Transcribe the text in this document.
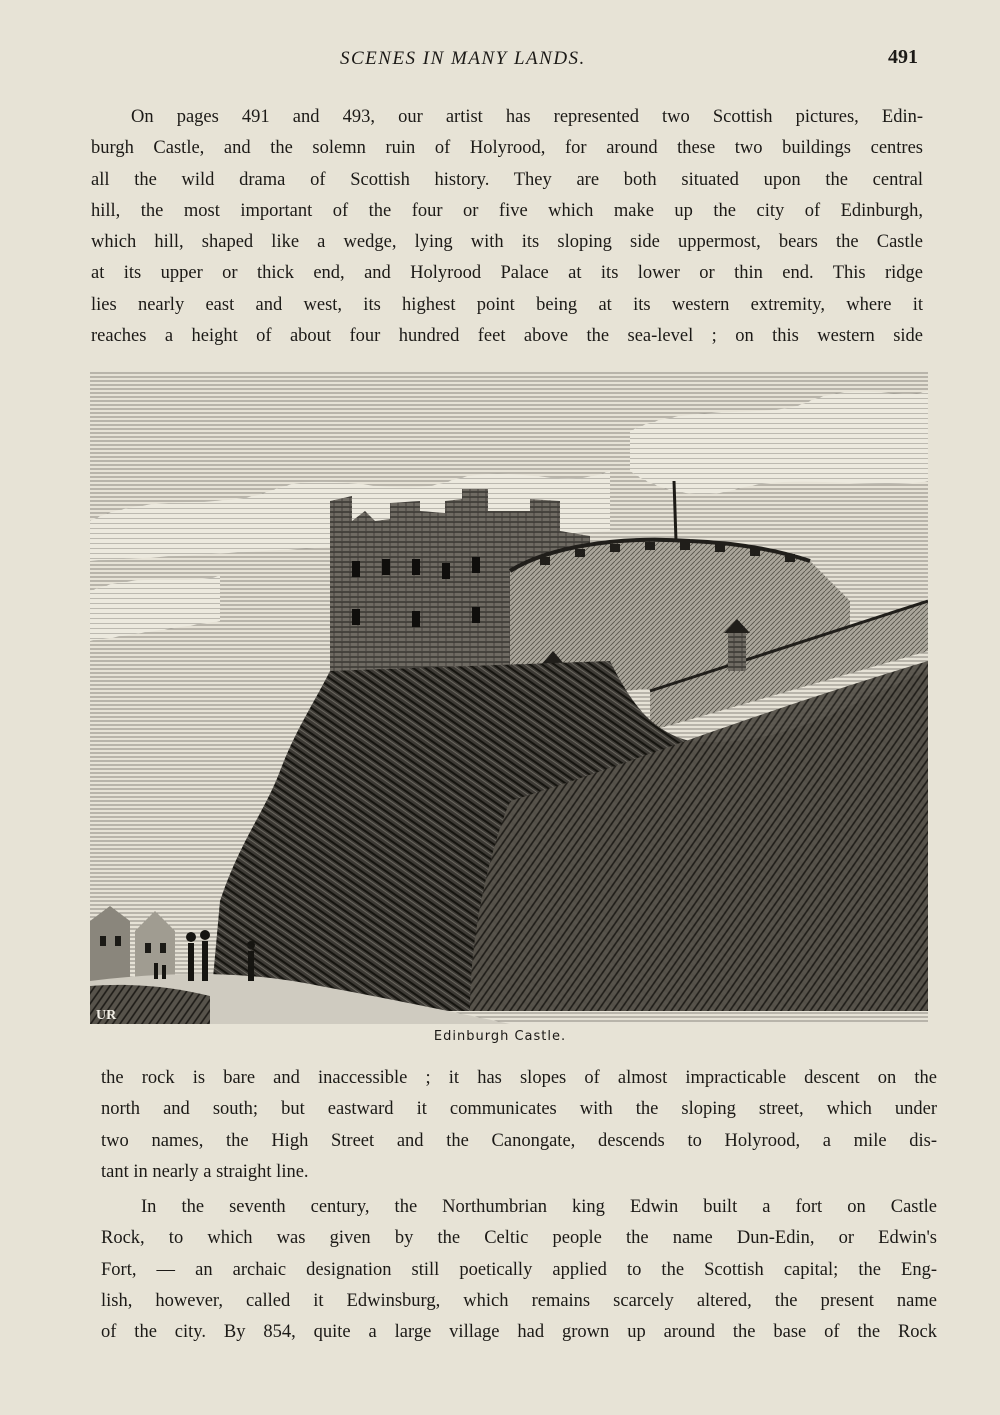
SCENES IN MANY LANDS.	491

On pages 491 and 493, our artist has represented two Scottish pictures, Edin-
burgh Castle, and the solemn ruin of Holyrood, for around these two buildings centres
all the wild drama of Scottish history. They are both situated upon the central
hill, the most important of the four or five which make up the city of Edinburgh,
which hill, shaped like a wedge, lying with its sloping side uppermost, bears the Castle
at its upper or thick end, and Holyrood Palace at its lower or thin end. This ridge
lies nearly east and west, its highest point being at its western extremity, where it
reaches a height of about four hundred feet above the sea-level ; on this western side

UR
Edinburgh Castle.

the rock is bare and inaccessible ; it has slopes of almost impracticable descent on the
north and south; but eastward it communicates with the sloping street, which under
two names, the High Street and the Canongate, descends to Holyrood, a mile dis-
tant in nearly a straight line.

In the seventh century, the Northumbrian king Edwin built a fort on Castle
Rock, to which was given by the Celtic people the name Dun-Edin, or Edwin's
Fort, — an archaic designation still poetically applied to the Scottish capital; the Eng-
lish, however, called it Edwinsburg, which remains scarcely altered, the present name
of the city. By 854, quite a large village had grown up around the base of the Rock
